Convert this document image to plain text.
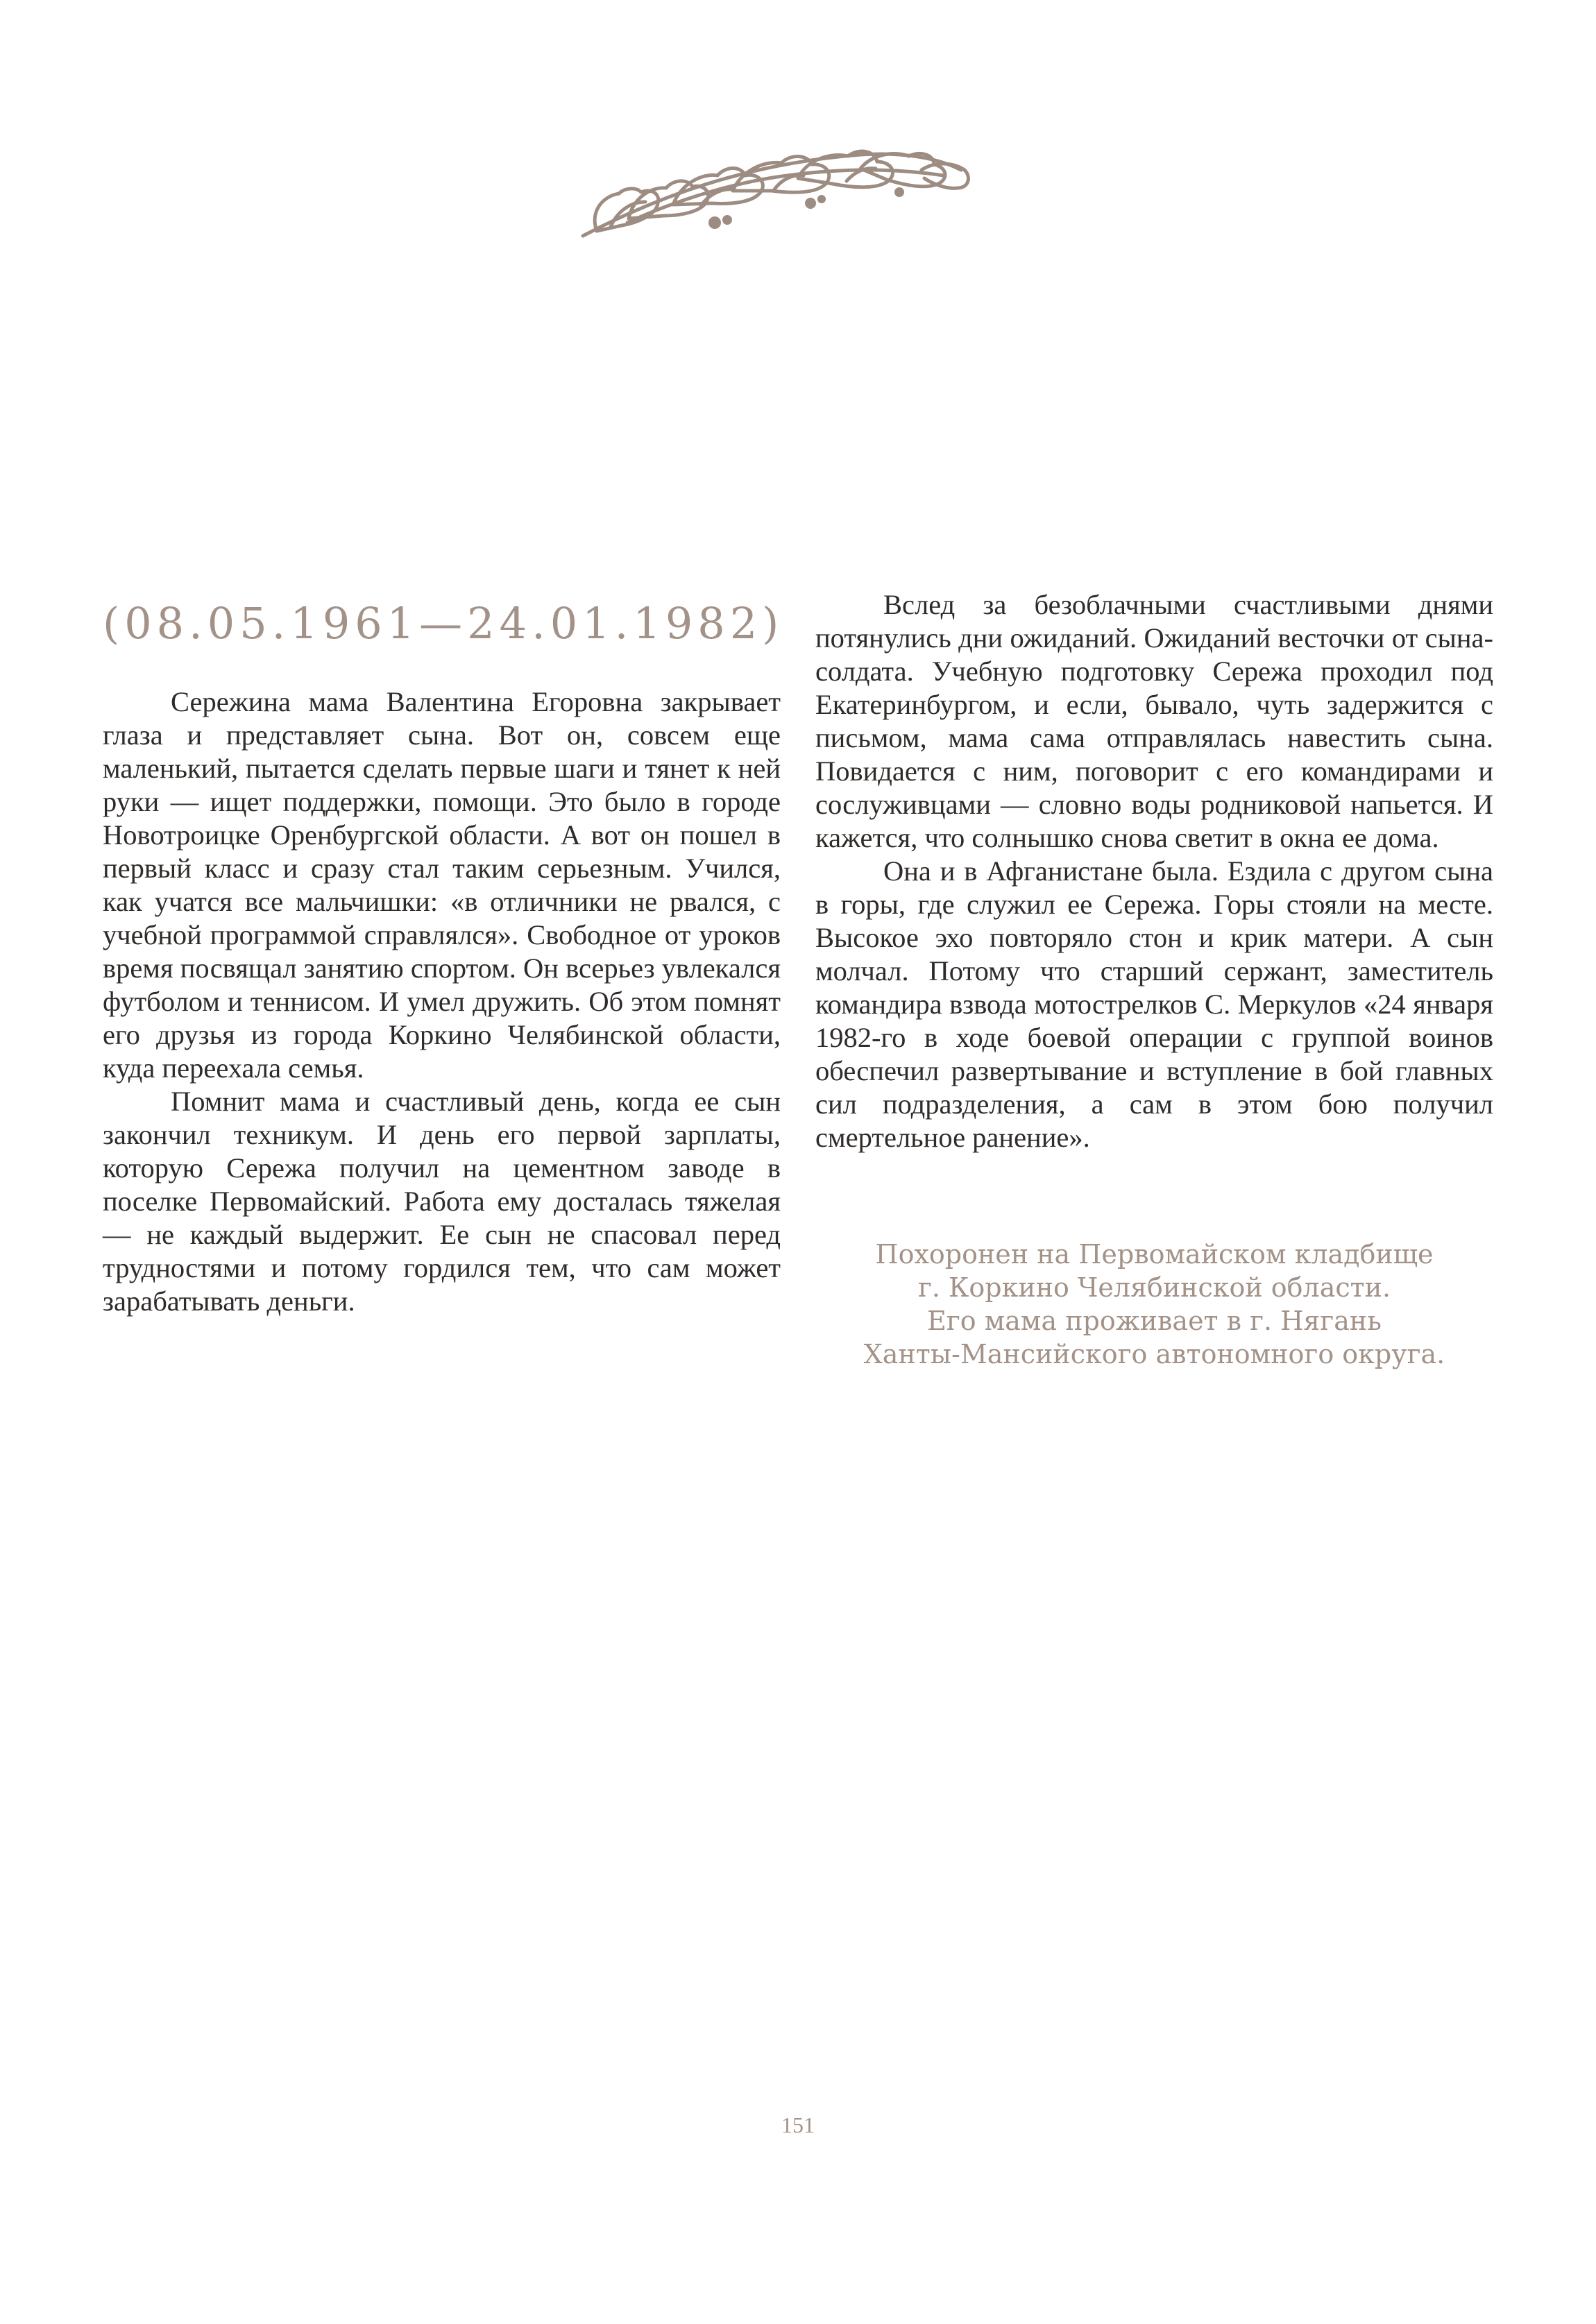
(08.05.1961—24.01.1982)

Сережина мама Валентина Егоровна закрывает глаза и представляет сына. Вот он, совсем еще маленький, пытается сделать первые шаги и тянет к ней руки — ищет поддержки, помощи. Это было в городе Новотроицке Оренбургской области. А вот он пошел в первый класс и сразу стал таким серьезным. Учился, как учатся все мальчишки: «в отличники не рвался, с учебной программой справлялся». Свободное от уроков время посвящал занятию спортом. Он всерьез увлекался футболом и теннисом. И умел дружить. Об этом помнят его друзья из города Коркино Челябинской области, куда переехала семья.

Помнит мама и счастливый день, когда ее сын закончил техникум. И день его первой зарплаты, которую Сережа получил на цементном заводе в поселке Первомайский. Работа ему досталась тяжелая — не каждый выдержит. Ее сын не спасовал перед трудностями и потому гордился тем, что сам может зарабатывать деньги.

Вслед за безоблачными счастливыми днями потянулись дни ожиданий. Ожиданий весточки от сына-солдата. Учебную подготовку Сережа проходил под Екатеринбургом, и если, бывало, чуть задержится с письмом, мама сама отправлялась навестить сына. Повидается с ним, поговорит с его командирами и сослуживцами — словно воды родниковой напьется. И кажется, что солнышко снова светит в окна ее дома.

Она и в Афганистане была. Ездила с другом сына в горы, где служил ее Сережа. Горы стояли на месте. Высокое эхо повторяло стон и крик матери. А сын молчал. Потому что старший сержант, заместитель командира взвода мотострелков С. Меркулов «24 января 1982-го в ходе боевой операции с группой воинов обеспечил развертывание и вступление в бой главных сил подразделения, а сам в этом бою получил смертельное ранение».

Похоронен на Первомайском кладбище
г. Коркино Челябинской области.
Его мама проживает в г. Нягань
Ханты-Мансийского автономного округа.
151
